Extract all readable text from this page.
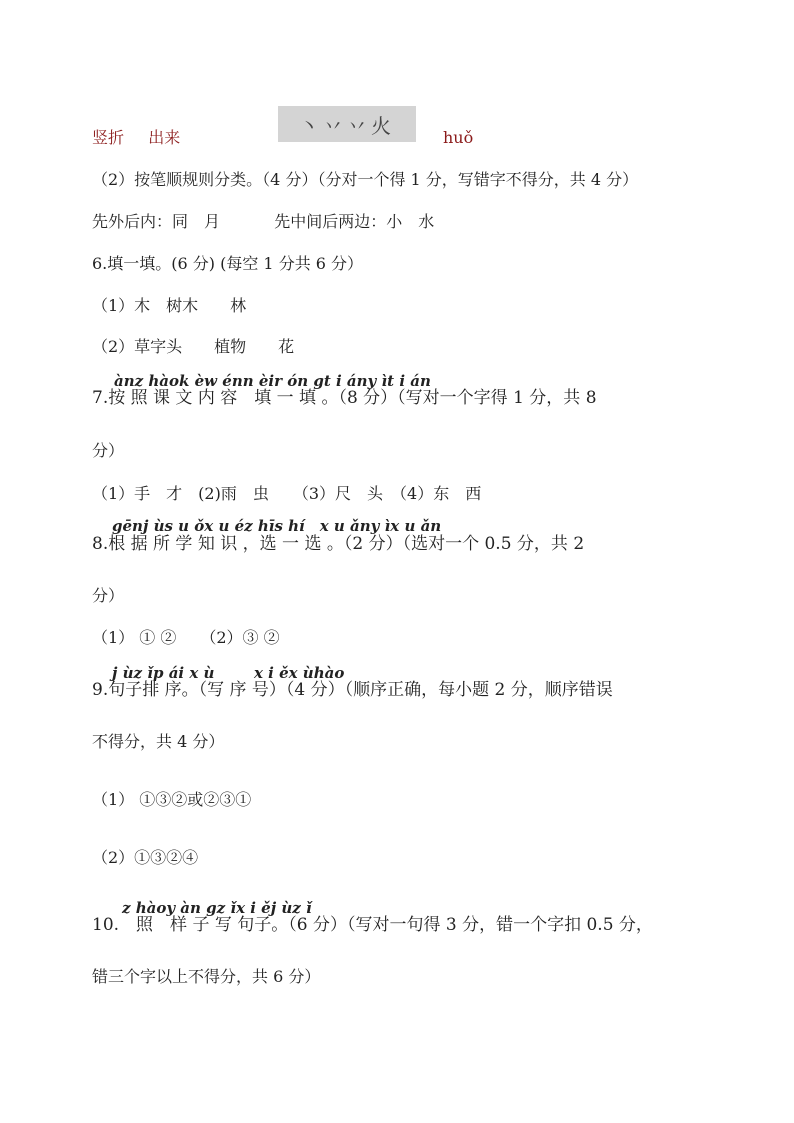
竖折 出来	丶丷丷火	huǒ
（2）按笔顺规则分类。（4 分）（分对一个得 1 分，写错字不得分，共 4 分）
先外后内：同　月	先中间后两边：小　水
6.填一填。(6 分) (每空 1 分共 6 分）
（1）木　树木　　林
（2）草字头　　植物　　花
ànz hàok èw énn èir ón gt i ány ìt i án
7.按 照 课 文 内 容　填 一 填 。（8 分）（写对一个字得 1 分，共 8
分）
（1）手　才　(2)雨　虫　　（3）尺　头　（4）东　西
gēnj ùs u ǒx u éz hīs hí　x u ǎny ìx u ǎn
8.根 据 所 学 知 识 ，选 一 选 。（2 分）（选对一个 0.5 分，共 2
分）
（1） ① ②　　（2）③ ②
j ùz ǐp ái x ù	x i ěx ùhào
9.句子排 序。（写 序 号）（4 分）（顺序正确，每小题 2 分，顺序错误
不得分，共 4 分）
（1） ①③②或②③①
（2）①③②④
z hàoy àn gz ǐx i ěj ùz ǐ
10.　照　样 子 写 句子。（6 分）（写对一句得 3 分，错一个字扣 0.5 分，
错三个字以上不得分，共 6 分）
